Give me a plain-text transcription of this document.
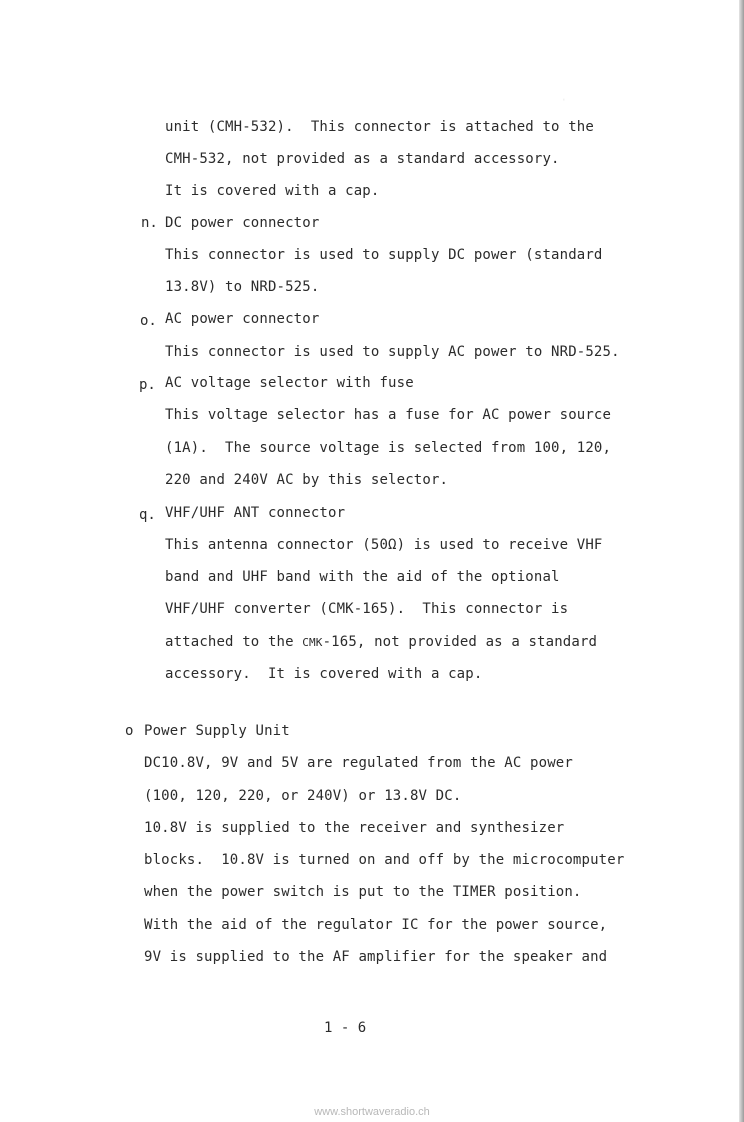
·
unit (CMH-532).  This connector is attached to the
CMH-532, not provided as a standard accessory.
It is covered with a cap.
n. DC power connector
This connector is used to supply DC power (standard
13.8V) to NRD-525.
o. AC power connector
This connector is used to supply AC power to NRD-525.
p. AC voltage selector with fuse
This voltage selector has a fuse for AC power source
(1A).  The source voltage is selected from 100, 120,
220 and 240V AC by this selector.
q. VHF/UHF ANT connector
This antenna connector (50Ω) is used to receive VHF
band and UHF band with the aid of the optional
VHF/UHF converter (CMK-165).  This connector is
attached to the CMK-165, not provided as a standard
accessory.  It is covered with a cap.
o Power Supply Unit
DC10.8V, 9V and 5V are regulated from the AC power
(100, 120, 220, or 240V) or 13.8V DC.
10.8V is supplied to the receiver and synthesizer
blocks.  10.8V is turned on and off by the microcomputer
when the power switch is put to the TIMER position.
With the aid of the regulator IC for the power source,
9V is supplied to the AF amplifier for the speaker and
1 - 6
www.shortwaveradio.ch
